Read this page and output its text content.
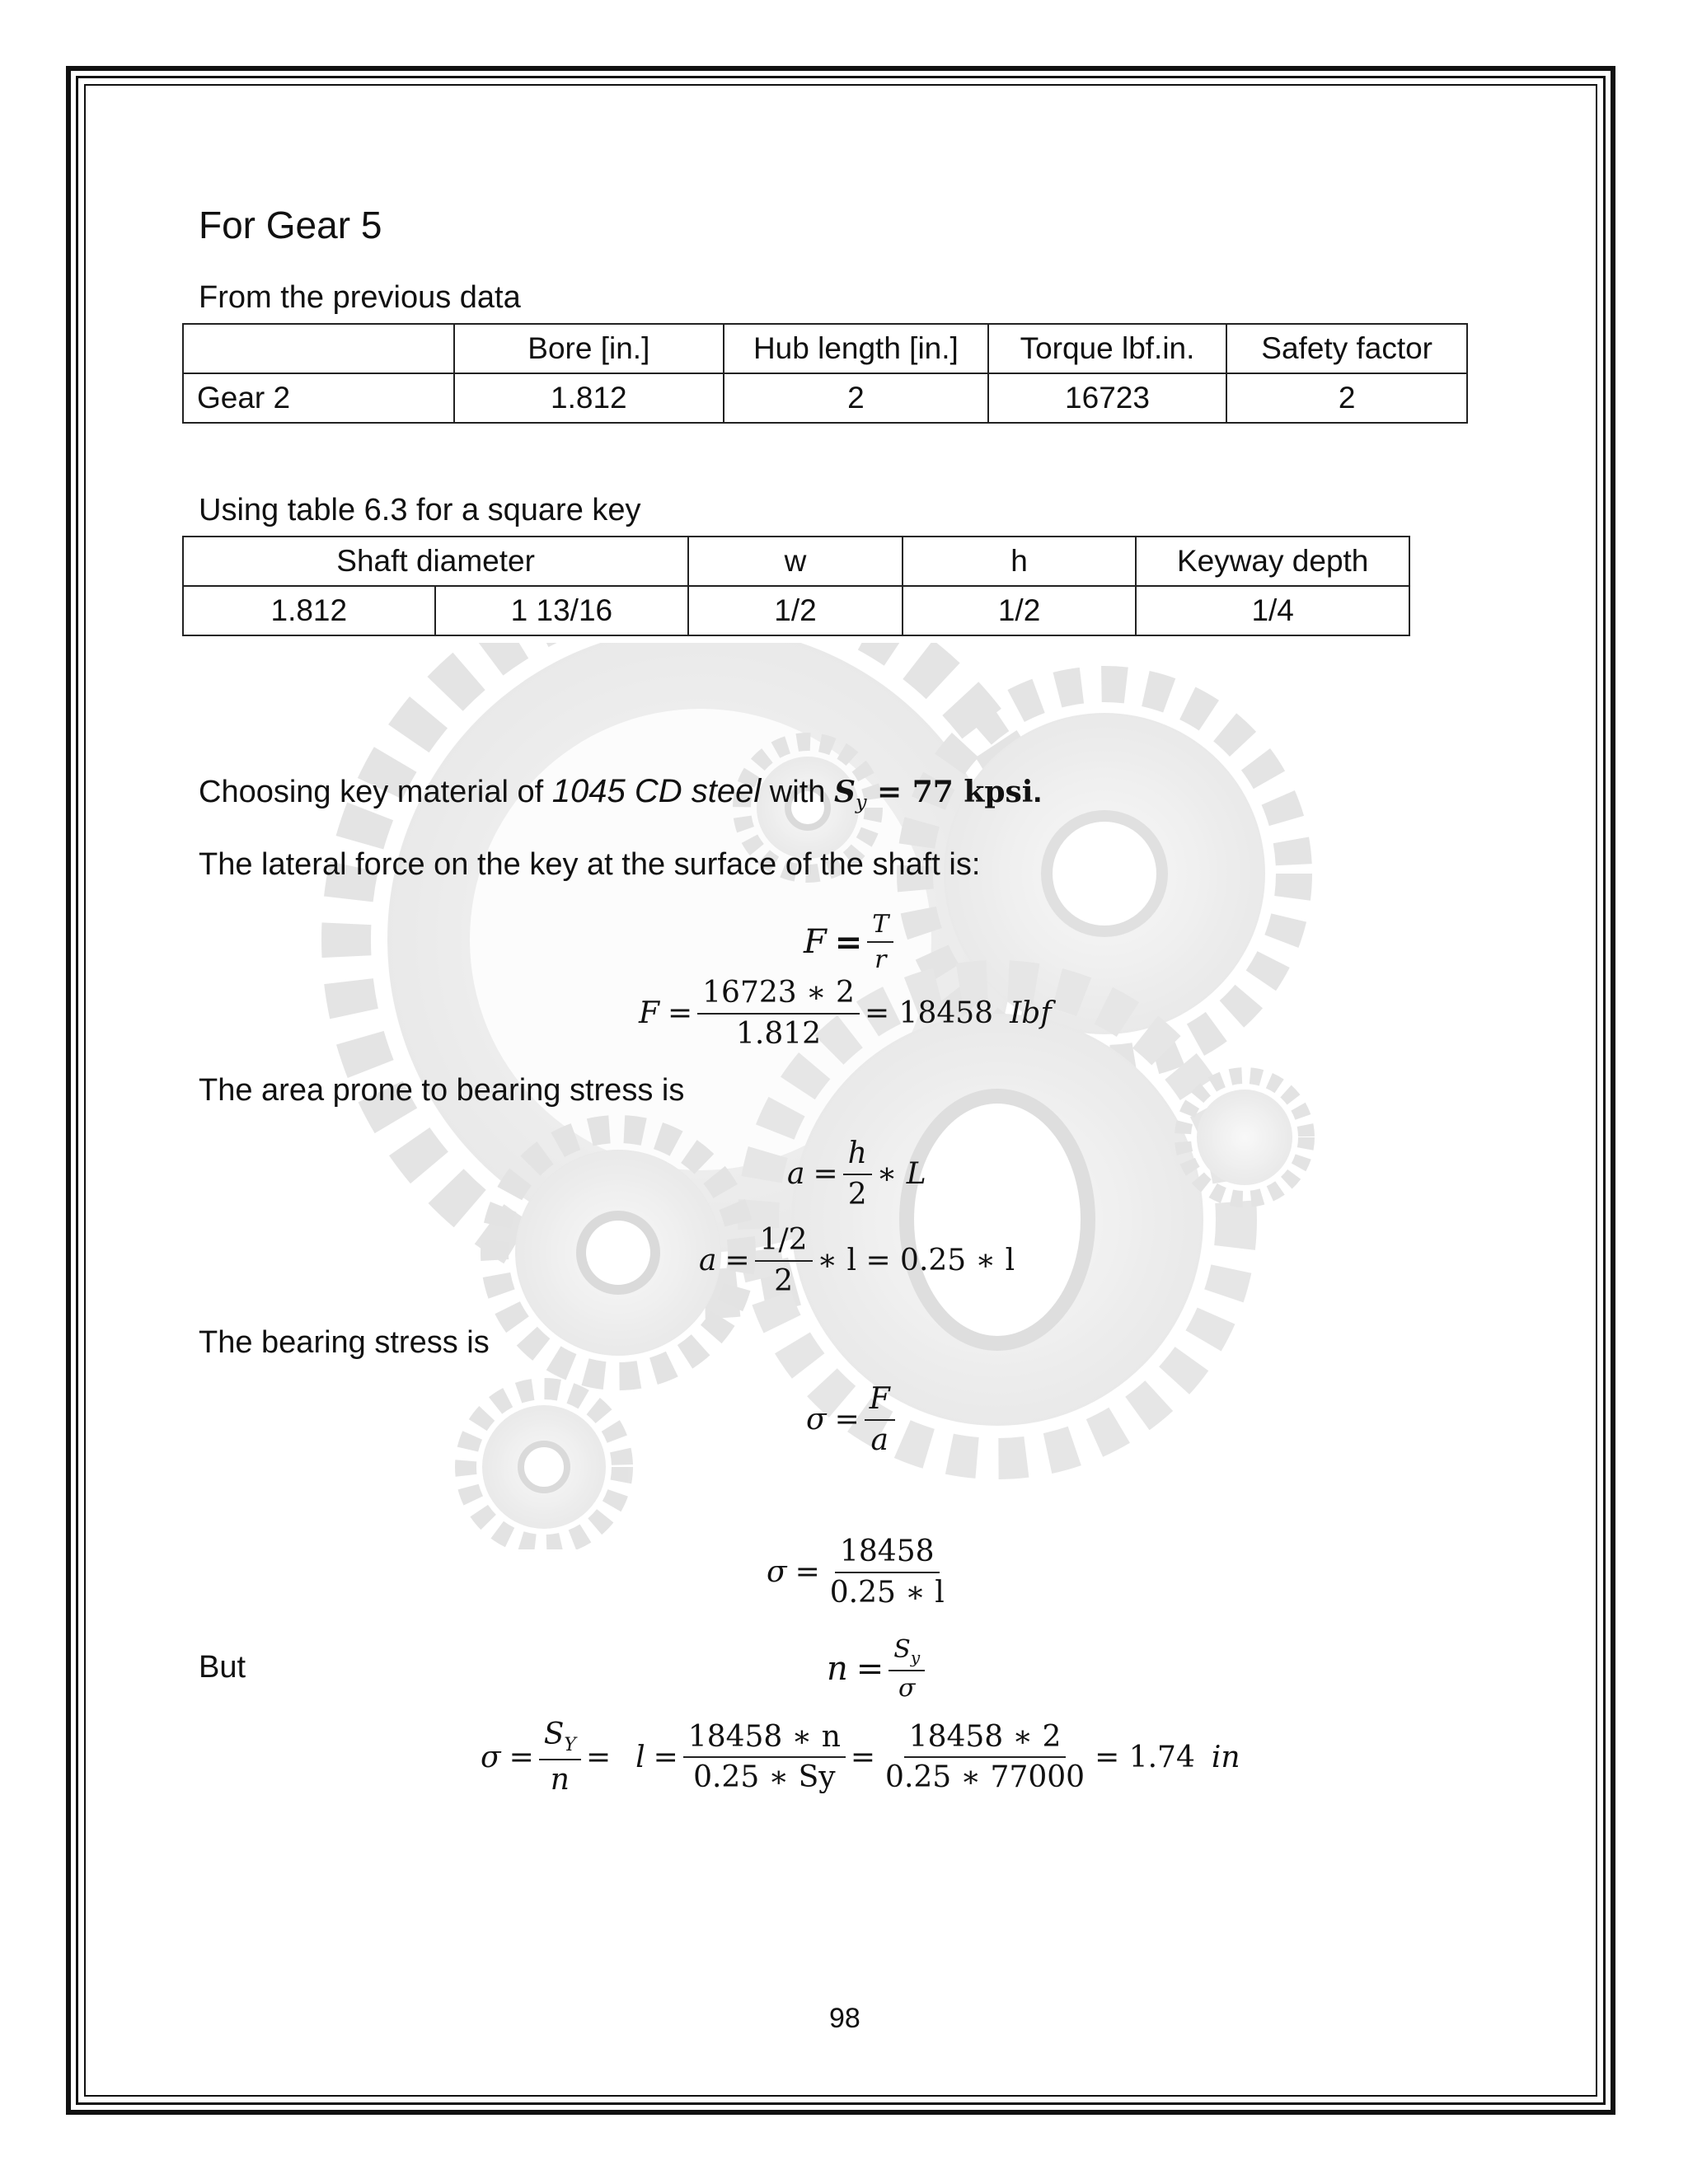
For Gear 5
From the previous data
	Bore [in.]	Hub length [in.]	Torque lbf.in.	Safety factor
Gear 2	1.812	2	16723	2
Using table 6.3 for a square key
Shaft diameter		w	h	Keyway depth
1.812	1 13/16	1/2	1/2	1/4
Choosing key material of 1045 CD steel with $S_y = 77$ kpsi.
The lateral force on the key at the surface of the shaft is:
$F = \frac{T}{r}$
$F = \frac{16723 ∗ 2}{1.812} = 18458$ Ibf
The area prone to bearing stress is
$a = \frac{h}{2}$ ∗ L
$a = \frac{1/2}{2}$ ∗ l = 0.25 ∗ l
The bearing stress is
$\sigma = \frac{F}{a}$
$\sigma = \frac{18458}{0.25 ∗ l}$
But	$n = \frac{S_y}{\sigma}$
$\sigma = \frac{S_Y}{n} = l = \frac{18458 ∗ n}{0.25 ∗ Sy} = \frac{18458 ∗ 2}{0.25 ∗ 77000} = 1.74$ in
98
